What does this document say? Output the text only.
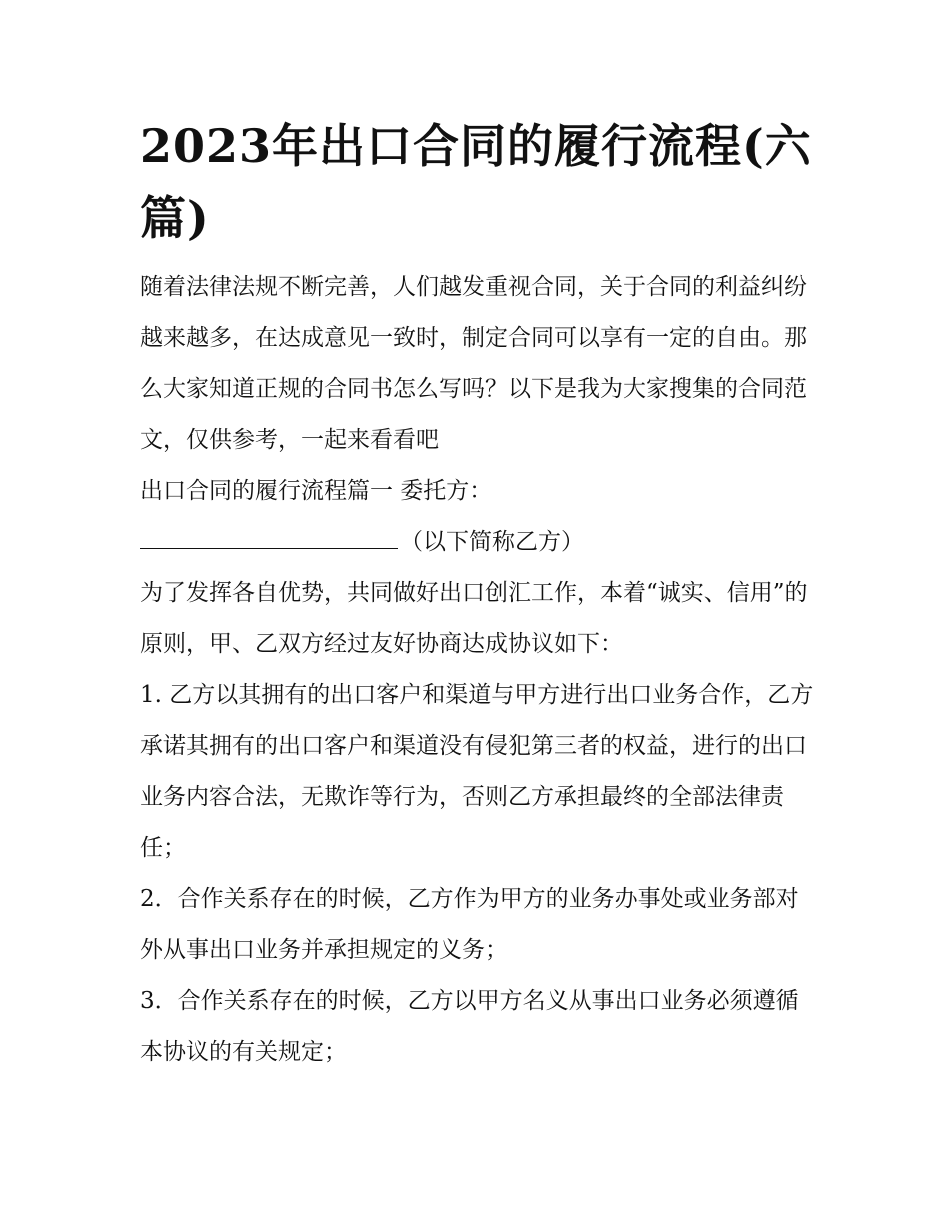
2023年出口合同的履行流程(六篇)

随着法律法规不断完善，人们越发重视合同，关于合同的利益纠纷越来越多，在达成意见一致时，制定合同可以享有一定的自由。那么大家知道正规的合同书怎么写吗？以下是我为大家搜集的合同范文，仅供参考，一起来看看吧

出口合同的履行流程篇一 委托方：

（以下简称乙方）

为了发挥各自优势，共同做好出口创汇工作，本着“诚实、信用”的原则，甲、乙双方经过友好协商达成协议如下：

1. 乙方以其拥有的出口客户和渠道与甲方进行出口业务合作，乙方承诺其拥有的出口客户和渠道没有侵犯第三者的权益，进行的出口业务内容合法，无欺诈等行为，否则乙方承担最终的全部法律责任；

2．合作关系存在的时候，乙方作为甲方的业务办事处或业务部对外从事出口业务并承担规定的义务；

3．合作关系存在的时候，乙方以甲方名义从事出口业务必须遵循本协议的有关规定；
